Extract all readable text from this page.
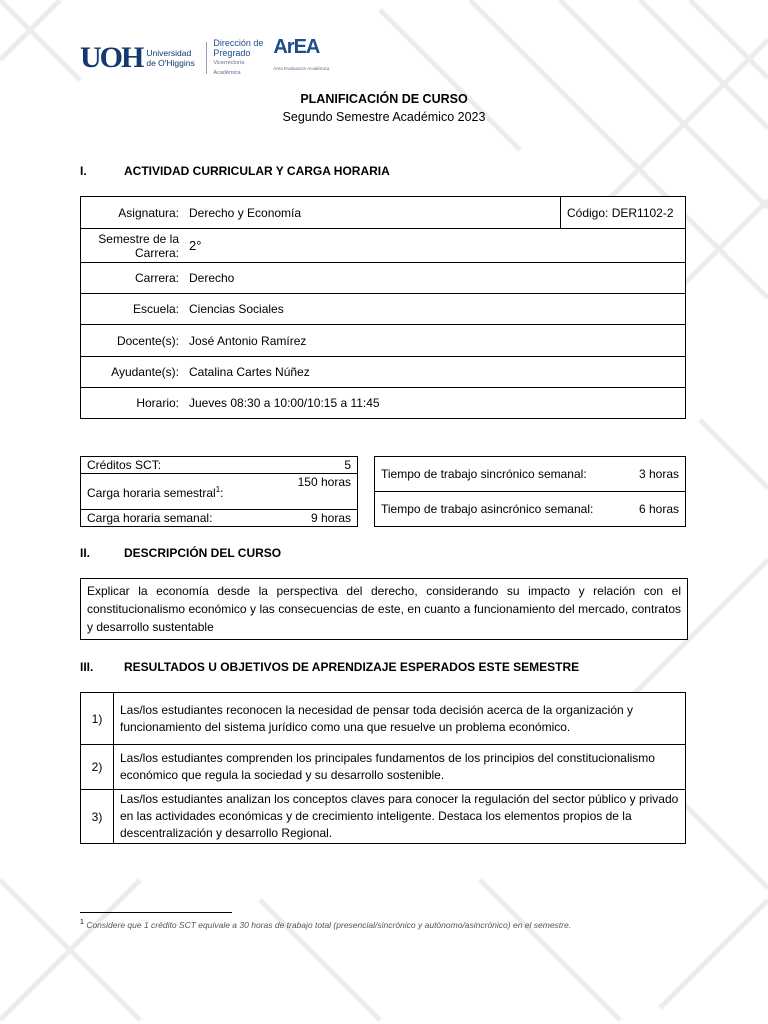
UOH Universidad de O'Higgins
Dirección de Pregrado
Vicerrectoría Académica
ArEA
Área Evaluación Académica
PLANIFICACIÓN DE CURSO
Segundo Semestre Académico 2023
I.	ACTIVIDAD CURRICULAR Y CARGA HORARIA
Asignatura:	Derecho y Economía	Código: DER1102-2
Semestre de la Carrera:	2°	
Carrera:	Derecho	
Escuela:	Ciencias Sociales	
Docente(s):	José Antonio Ramírez	
Ayudante(s):	Catalina Cartes Núñez	
Horario:	Jueves 08:30 a 10:00/10:15 a 11:45	
Créditos SCT:	5
Carga horaria semestral$^1$:	150 horas
Carga horaria semanal:	9 horas
Tiempo de trabajo sincrónico semanal:	3 horas
Tiempo de trabajo asincrónico semanal:	6 horas
II.	DESCRIPCIÓN DEL CURSO
Explicar la economía desde la perspectiva del derecho, considerando su impacto y relación con el constitucionalismo económico y las consecuencias de este, en cuanto a funcionamiento del mercado, contratos y desarrollo sustentable
III.	RESULTADOS U OBJETIVOS DE APRENDIZAJE ESPERADOS ESTE SEMESTRE
1)	Las/los estudiantes reconocen la necesidad de pensar toda decisión acerca de la organización y funcionamiento del sistema jurídico como una que resuelve un problema económico.
2)	Las/los estudiantes comprenden los principales fundamentos de los principios del constitucionalismo económico que regula la sociedad y su desarrollo sostenible.
3)	Las/los estudiantes analizan los conceptos claves para conocer la regulación del sector público y privado en las actividades económicas y de crecimiento inteligente. Destaca los elementos propios de la descentralización y desarrollo Regional.
$^1$ Considere que 1 crédito SCT equivale a 30 horas de trabajo total (presencial/sincrónico y autónomo/asincrónico) en el semestre.
